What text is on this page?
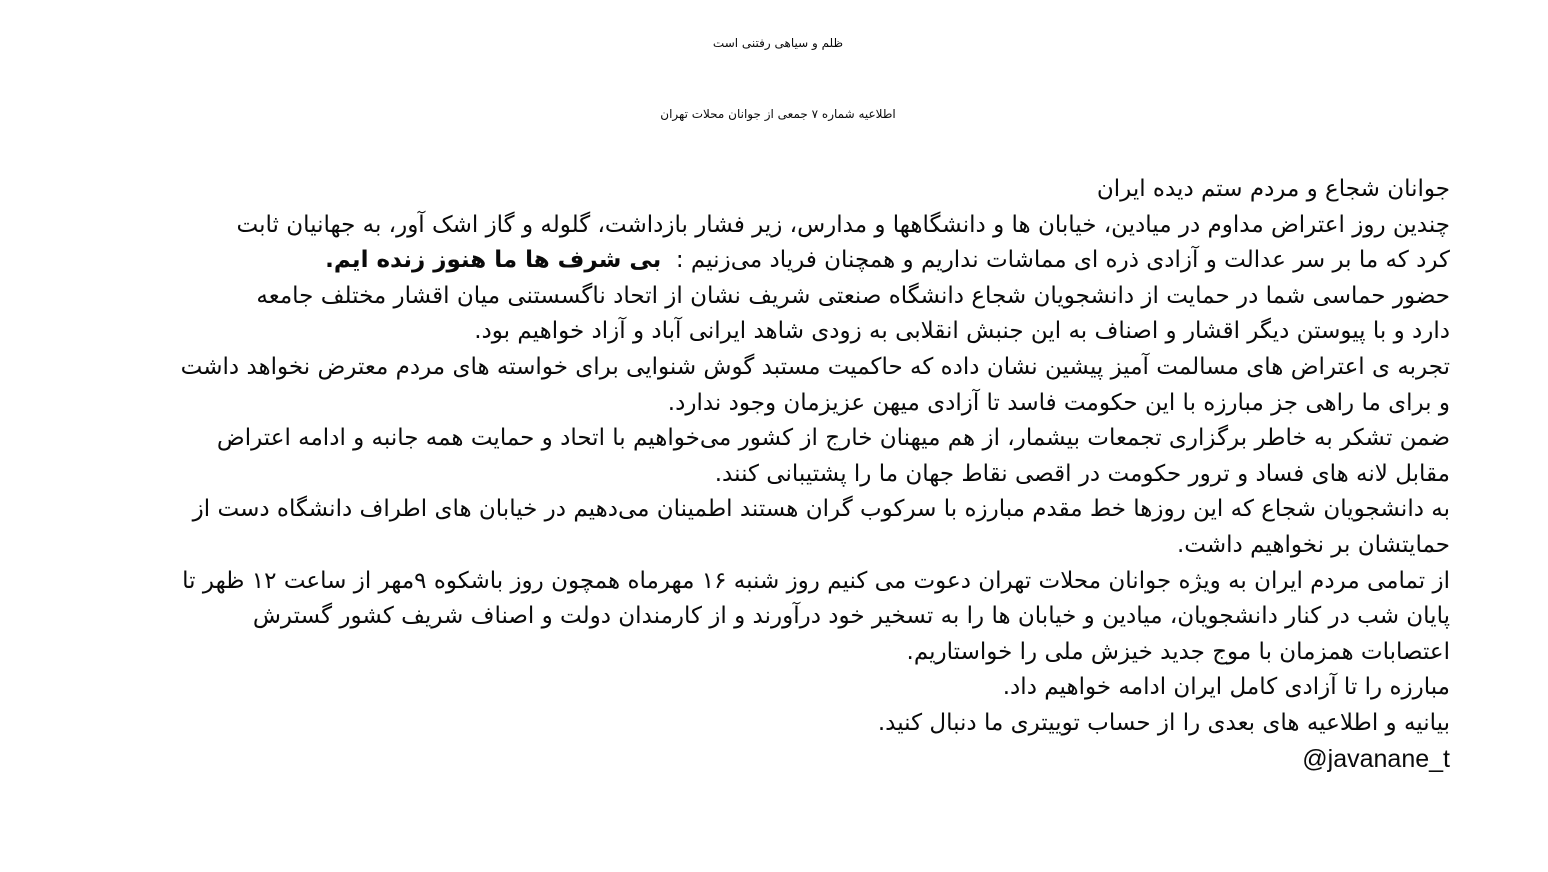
ظلم و سیاهی رفتنی است
اطلاعیه شماره ۷ جمعی از جوانان محلات تهران
جوانان شجاع و مردم ستم دیده ایران
چندین روز اعتراض مداوم در میادین، خیابان ها و دانشگاهها و مدارس، زیر فشار بازداشت، گلوله و گاز اشک آور، به جهانیان ثابت
کرد که ما بر سر عدالت و آزادی ذره ای مماشات نداریم و همچنان فریاد می‌زنیم :  بی شرف ها ما هنوز زنده ایم.
حضور حماسی شما در حمایت از دانشجویان شجاع دانشگاه صنعتی شریف نشان از اتحاد ناگسستنی میان اقشار مختلف جامعه
دارد و با پیوستن دیگر اقشار و اصناف به این جنبش انقلابی به زودی شاهد ایرانی آباد و آزاد خواهیم بود.
تجربه ی اعتراض های مسالمت آمیز پیشین نشان داده که حاکمیت مستبد گوش شنوایی برای خواسته های مردم معترض نخواهد داشت
و برای ما راهی جز مبارزه با این حکومت فاسد تا آزادی میهن عزیزمان وجود ندارد.
ضمن تشکر به خاطر برگزاری تجمعات بیشمار، از هم میهنان خارج از کشور می‌خواهیم با اتحاد و حمایت همه جانبه و ادامه اعتراض
مقابل لانه های فساد و ترور حکومت در اقصی نقاط جهان ما را پشتیبانی کنند.
به دانشجویان شجاع که این روزها خط مقدم مبارزه با سرکوب گران هستند اطمینان می‌دهیم در خیابان های اطراف دانشگاه دست از
حمایتشان بر نخواهیم داشت.
از تمامی مردم ایران به ویژه جوانان محلات تهران دعوت می کنیم روز شنبه ۱۶ مهرماه همچون روز باشکوه ۹مهر از ساعت ۱۲ ظهر تا
پایان شب در کنار دانشجویان، میادین و خیابان ها را به تسخیر خود درآورند و از کارمندان دولت و اصناف شریف کشور گسترش
اعتصابات همزمان با موج جدید خیزش ملی را خواستاریم.
مبارزه را تا آزادی کامل ایران ادامه خواهیم داد.
بیانیه و اطلاعیه های بعدی را از حساب توییتری ما دنبال کنید.
@javanane_t
